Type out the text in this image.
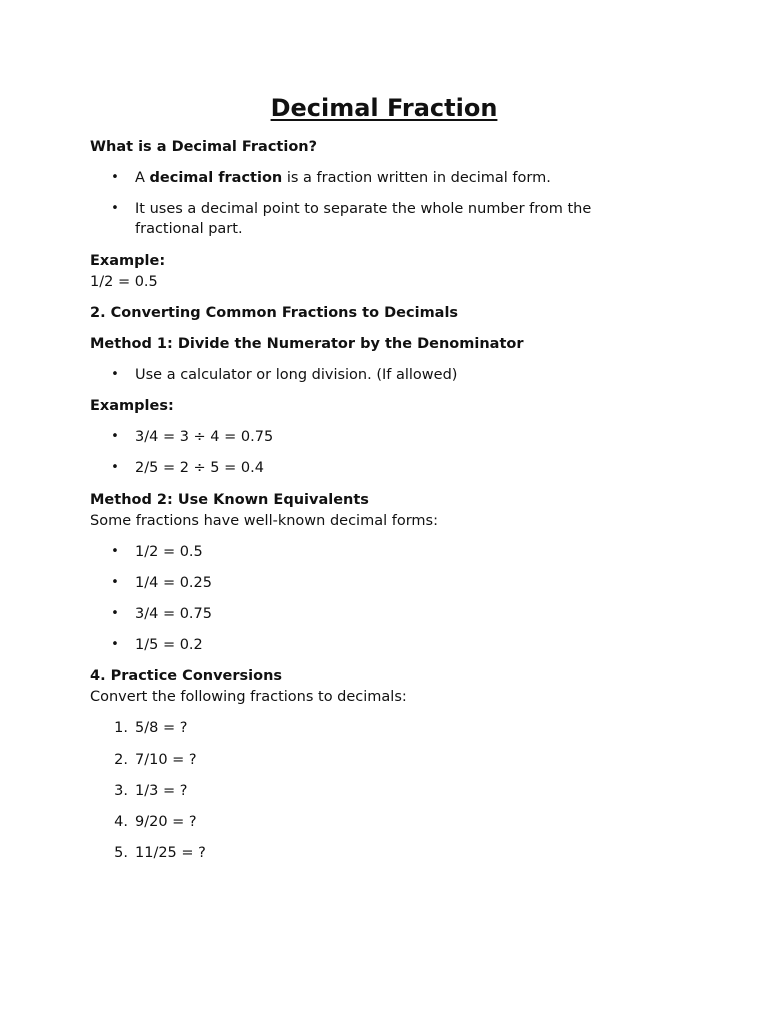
Decimal Fraction
What is a Decimal Fraction?
• A decimal fraction is a fraction written in decimal form.
• It uses a decimal point to separate the whole number from the fractional part.
Example:
1/2 = 0.5
2. Converting Common Fractions to Decimals
Method 1: Divide the Numerator by the Denominator
• Use a calculator or long division. (If allowed)
Examples:
• 3/4 = 3 ÷ 4 = 0.75
• 2/5 = 2 ÷ 5 = 0.4
Method 2: Use Known Equivalents
Some fractions have well-known decimal forms:
• 1/2 = 0.5
• 1/4 = 0.25
• 3/4 = 0.75
• 1/5 = 0.2
4. Practice Conversions
Convert the following fractions to decimals:
1. 5/8 = ?
2. 7/10 = ?
3. 1/3 = ?
4. 9/20 = ?
5. 11/25 = ?
